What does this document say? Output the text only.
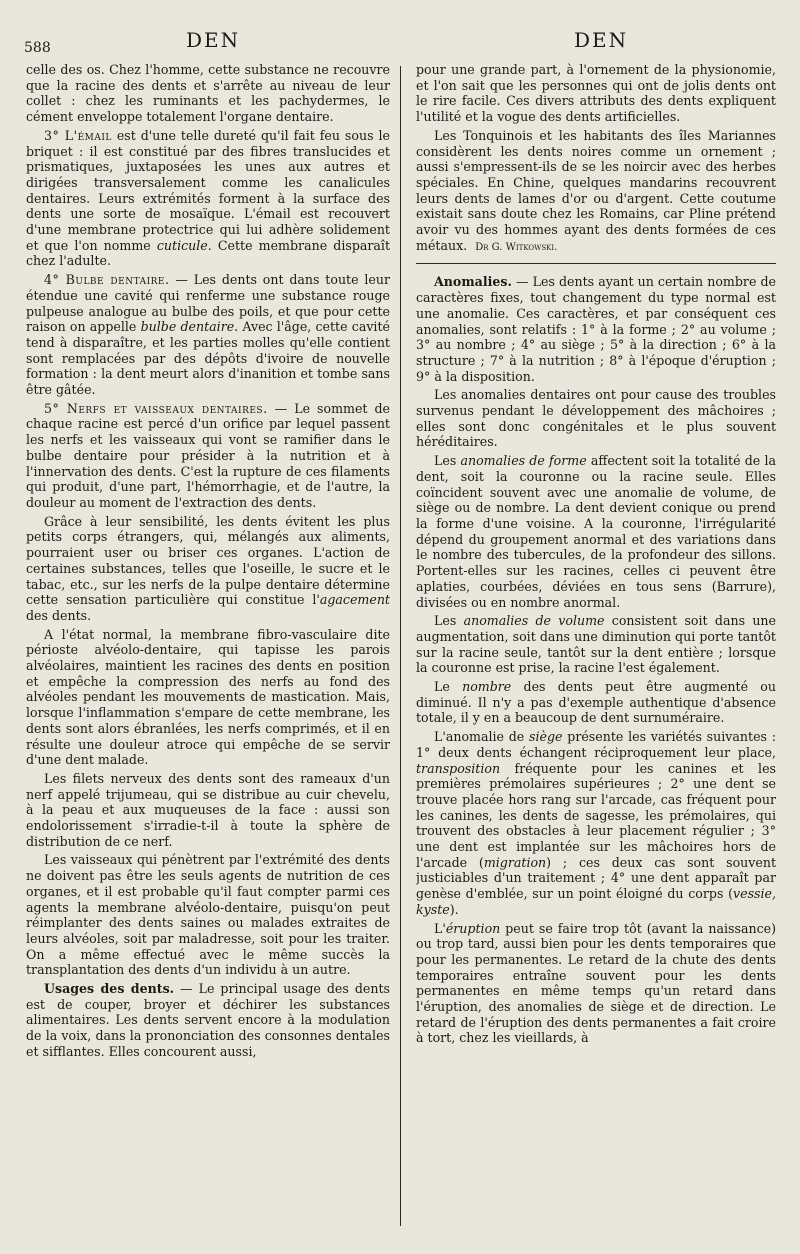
588	DEN	DEN

celle des os. Chez l'homme, cette substance ne recouvre que la racine des dents et s'arrête au niveau de leur collet : chez les ruminants et les pachydermes, le cément enveloppe totalement l'organe dentaire.

3° L'émail est d'une telle dureté qu'il fait feu sous le briquet : il est constitué par des fibres translucides et prismatiques, juxtaposées les unes aux autres et dirigées transversalement comme les canalicules dentaires. Leurs extrémités forment à la surface des dents une sorte de mosaïque. L'émail est recouvert d'une membrane protectrice qui lui adhère solidement et que l'on nomme cuticule. Cette membrane disparaît chez l'adulte.

4° Bulbe dentaire. — Les dents ont dans toute leur étendue une cavité qui renferme une substance rouge pulpeuse analogue au bulbe des poils, et que pour cette raison on appelle bulbe dentaire. Avec l'âge, cette cavité tend à disparaître, et les parties molles qu'elle contient sont remplacées par des dépôts d'ivoire de nouvelle formation : la dent meurt alors d'inanition et tombe sans être gâtée.

5° Nerfs et vaisseaux dentaires. — Le sommet de chaque racine est percé d'un orifice par lequel passent les nerfs et les vaisseaux qui vont se ramifier dans le bulbe dentaire pour présider à la nutrition et à l'innervation des dents. C'est la rupture de ces filaments qui produit, d'une part, l'hémorrhagie, et de l'autre, la douleur au moment de l'extraction des dents.

Grâce à leur sensibilité, les dents évitent les plus petits corps étrangers, qui, mélangés aux aliments, pourraient user ou briser ces organes. L'action de certaines substances, telles que l'oseille, le sucre et le tabac, etc., sur les nerfs de la pulpe dentaire détermine cette sensation particulière qui constitue l'agacement des dents.

A l'état normal, la membrane fibro-vasculaire dite périoste alvéolo-dentaire, qui tapisse les parois alvéolaires, maintient les racines des dents en position et empêche la compression des nerfs au fond des alvéoles pendant les mouvements de mastication. Mais, lorsque l'inflammation s'empare de cette membrane, les dents sont alors ébranlées, les nerfs comprimés, et il en résulte une douleur atroce qui empêche de se servir d'une dent malade.

Les filets nerveux des dents sont des rameaux d'un nerf appelé trijumeau, qui se distribue au cuir chevelu, à la peau et aux muqueuses de la face : aussi son endolorissement s'irradie-t-il à toute la sphère de distribution de ce nerf.

Les vaisseaux qui pénètrent par l'extrémité des dents ne doivent pas être les seuls agents de nutrition de ces organes, et il est probable qu'il faut compter parmi ces agents la membrane alvéolo-dentaire, puisqu'on peut réimplanter des dents saines ou malades extraites de leurs alvéoles, soit par maladresse, soit pour les traiter. On a même effectué avec le même succès la transplantation des dents d'un individu à un autre.

Usages des dents. — Le principal usage des dents est de couper, broyer et déchirer les substances alimentaires. Les dents servent encore à la modulation de la voix, dans la prononciation des consonnes dentales et sifflantes. Elles concourent aussi,

pour une grande part, à l'ornement de la physionomie, et l'on sait que les personnes qui ont de jolis dents ont le rire facile. Ces divers attributs des dents expliquent l'utilité et la vogue des dents artificielles.

Les Tonquinois et les habitants des îles Mariannes considèrent les dents noires comme un ornement ; aussi s'empressent-ils de se les noircir avec des herbes spéciales. En Chine, quelques mandarins recouvrent leurs dents de lames d'or ou d'argent. Cette coutume existait sans doute chez les Romains, car Pline prétend avoir vu des hommes ayant des dents formées de ces métaux. Dr G. Witkowski.

Anomalies. — Les dents ayant un certain nombre de caractères fixes, tout changement du type normal est une anomalie. Ces caractères, et par conséquent ces anomalies, sont relatifs : 1° à la forme ; 2° au volume ; 3° au nombre ; 4° au siège ; 5° à la direction ; 6° à la structure ; 7° à la nutrition ; 8° à l'époque d'éruption ; 9° à la disposition.

Les anomalies dentaires ont pour cause des troubles survenus pendant le développement des mâchoires ; elles sont donc congénitales et le plus souvent héréditaires.

Les anomalies de forme affectent soit la totalité de la dent, soit la couronne ou la racine seule. Elles coïncident souvent avec une anomalie de volume, de siège ou de nombre. La dent devient conique ou prend la forme d'une voisine. A la couronne, l'irrégularité dépend du groupement anormal et des variations dans le nombre des tubercules, de la profondeur des sillons. Portent-elles sur les racines, celles ci peuvent être aplaties, courbées, déviées en tous sens (Barrure), divisées ou en nombre anormal.

Les anomalies de volume consistent soit dans une augmentation, soit dans une diminution qui porte tantôt sur la racine seule, tantôt sur la dent entière ; lorsque la couronne est prise, la racine l'est également.

Le nombre des dents peut être augmenté ou diminué. Il n'y a pas d'exemple authentique d'absence totale, il y en a beaucoup de dent surnuméraire.

L'anomalie de siège présente les variétés suivantes : 1° deux dents échangent réciproquement leur place, transposition fréquente pour les canines et les premières prémolaires supérieures ; 2° une dent se trouve placée hors rang sur l'arcade, cas fréquent pour les canines, les dents de sagesse, les prémolaires, qui trouvent des obstacles à leur placement régulier ; 3° une dent est implantée sur les mâchoires hors de l'arcade (migration) ; ces deux cas sont souvent justiciables d'un traitement ; 4° une dent apparaît par genèse d'emblée, sur un point éloigné du corps (vessie, kyste).

L'éruption peut se faire trop tôt (avant la naissance) ou trop tard, aussi bien pour les dents temporaires que pour les permanentes. Le retard de la chute des dents temporaires entraîne souvent pour les dents permanentes en même temps qu'un retard dans l'éruption, des anomalies de siège et de direction. Le retard de l'éruption des dents permanentes a fait croire à tort, chez les vieillards, à
